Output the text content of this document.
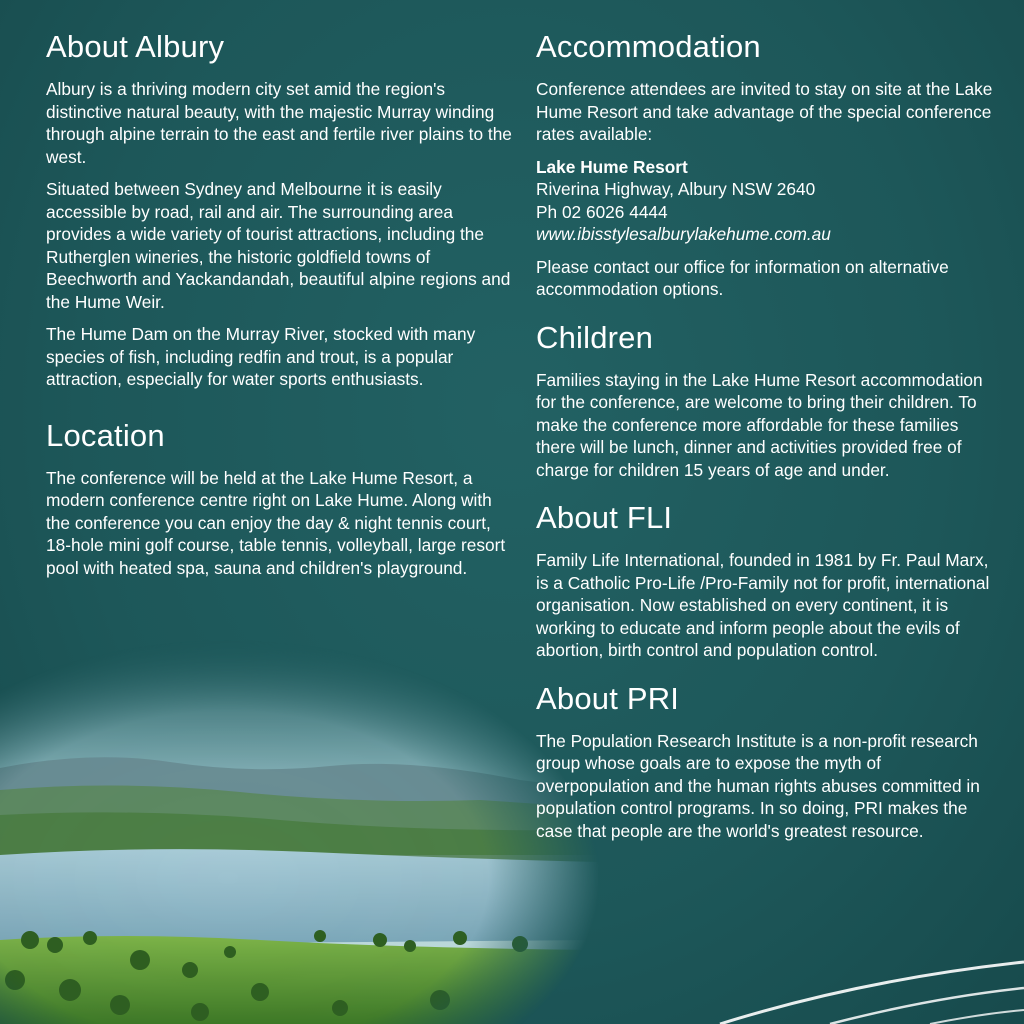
About Albury

Albury is a thriving modern city set amid the region's distinctive natural beauty, with the majestic Murray winding through alpine terrain to the east and fertile river plains to the west.

Situated between Sydney and Melbourne it is easily accessible by road, rail and air. The surrounding area provides a wide variety of tourist attractions, including the Rutherglen wineries, the historic goldfield towns of Beechworth and Yackandandah, beautiful alpine regions and the Hume Weir.

The Hume Dam on the Murray River, stocked with many species of fish, including redfin and trout, is a popular attraction, especially for water sports enthusiasts.

Location

The conference will be held at the Lake Hume Resort, a modern conference centre right on Lake Hume. Along with the conference you can enjoy the day & night tennis court, 18-hole mini golf course, table tennis, volleyball, large resort pool with heated spa, sauna and children's playground.

Accommodation

Conference attendees are invited to stay on site at the Lake Hume Resort and take advantage of the special conference rates available:

Lake Hume Resort

Riverina Highway, Albury NSW 2640

Ph 02 6026 4444

www.ibisstylesalburylakehume.com.au

Please contact our office for information on alternative accommodation options.

Children

Families staying in the Lake Hume Resort accommodation for the conference, are welcome to bring their children. To make the conference more affordable for these families there will be lunch, dinner and activities provided free of charge for children 15 years of age and under.

About FLI

Family Life International, founded in 1981 by Fr. Paul Marx, is a Catholic Pro-Life /Pro-Family not for profit, international organisation. Now established on every continent, it is working to educate and inform people about the evils of abortion, birth control and population control.

About PRI

The Population Research Institute is a non-profit research group whose goals are to expose the myth of overpopulation and the human rights abuses committed in population control programs. In so doing, PRI makes the case that people are the world's greatest resource.
